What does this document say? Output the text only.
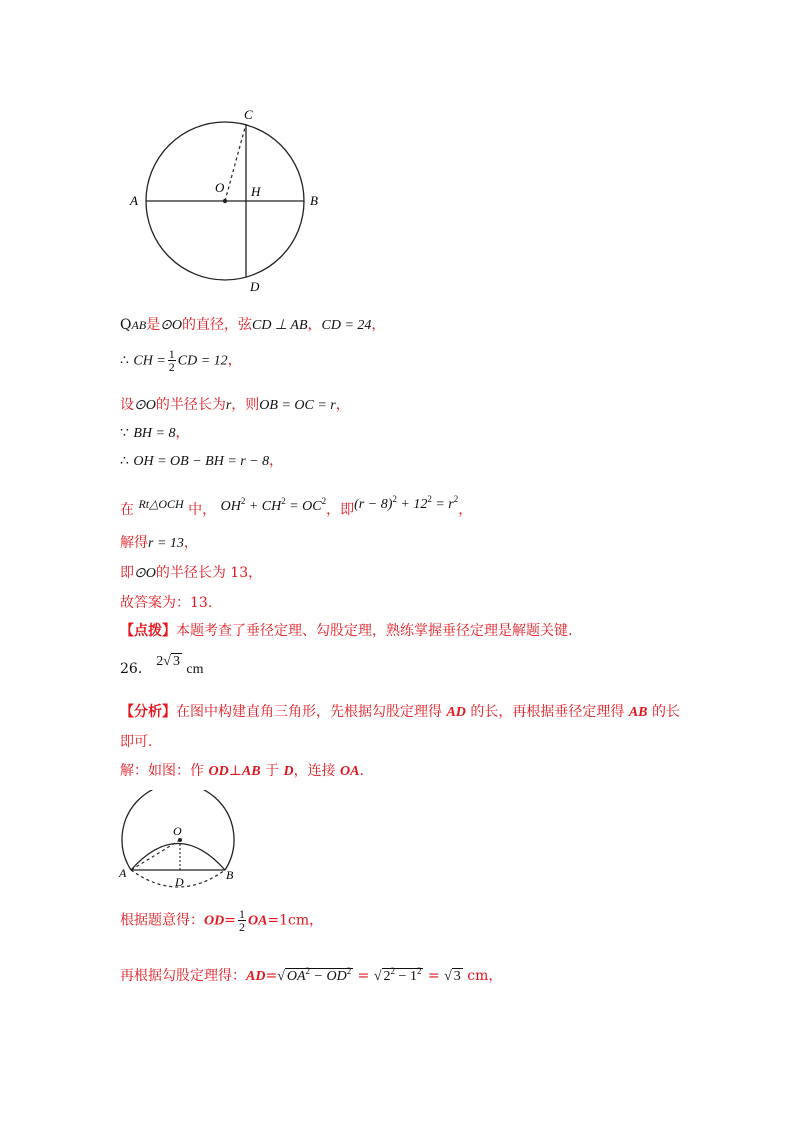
C
O H
A	B
D
QAB是⊙O的直径，弦CD ⊥ AB，CD = 24，
∴ CH = $\frac{1}{2}$ CD = 12，
设⊙O的半径长为r，则OB = OC = r，
∵ BH = 8，
∴ OH = OB − BH = r − 8，
在 Rt△OCH 中， $OH^2 + CH^2 = OC^2$，即$(r - 8)^2 + 12^2 = r^2$，
解得r = 13，
即⊙O的半径长为 13，
故答案为：13.
【点拨】本题考查了垂径定理、勾股定理，熟练掌握垂径定理是解题关键.
26． 2√ 3 cm
【分析】在图中构建直角三角形，先根据勾股定理得 AD 的长，再根据垂径定理得 AB 的长
即可.
解：如图：作 OD⊥AB 于 D，连接 OA.
O
A
D	B
根据题意得：$OD= \frac{1}{2} OA=1cm$，
再根据勾股定理得：AD=√ $OA^2 - OD^2$ = √ $2^2 - 1^2$ = √ 3 cm，
